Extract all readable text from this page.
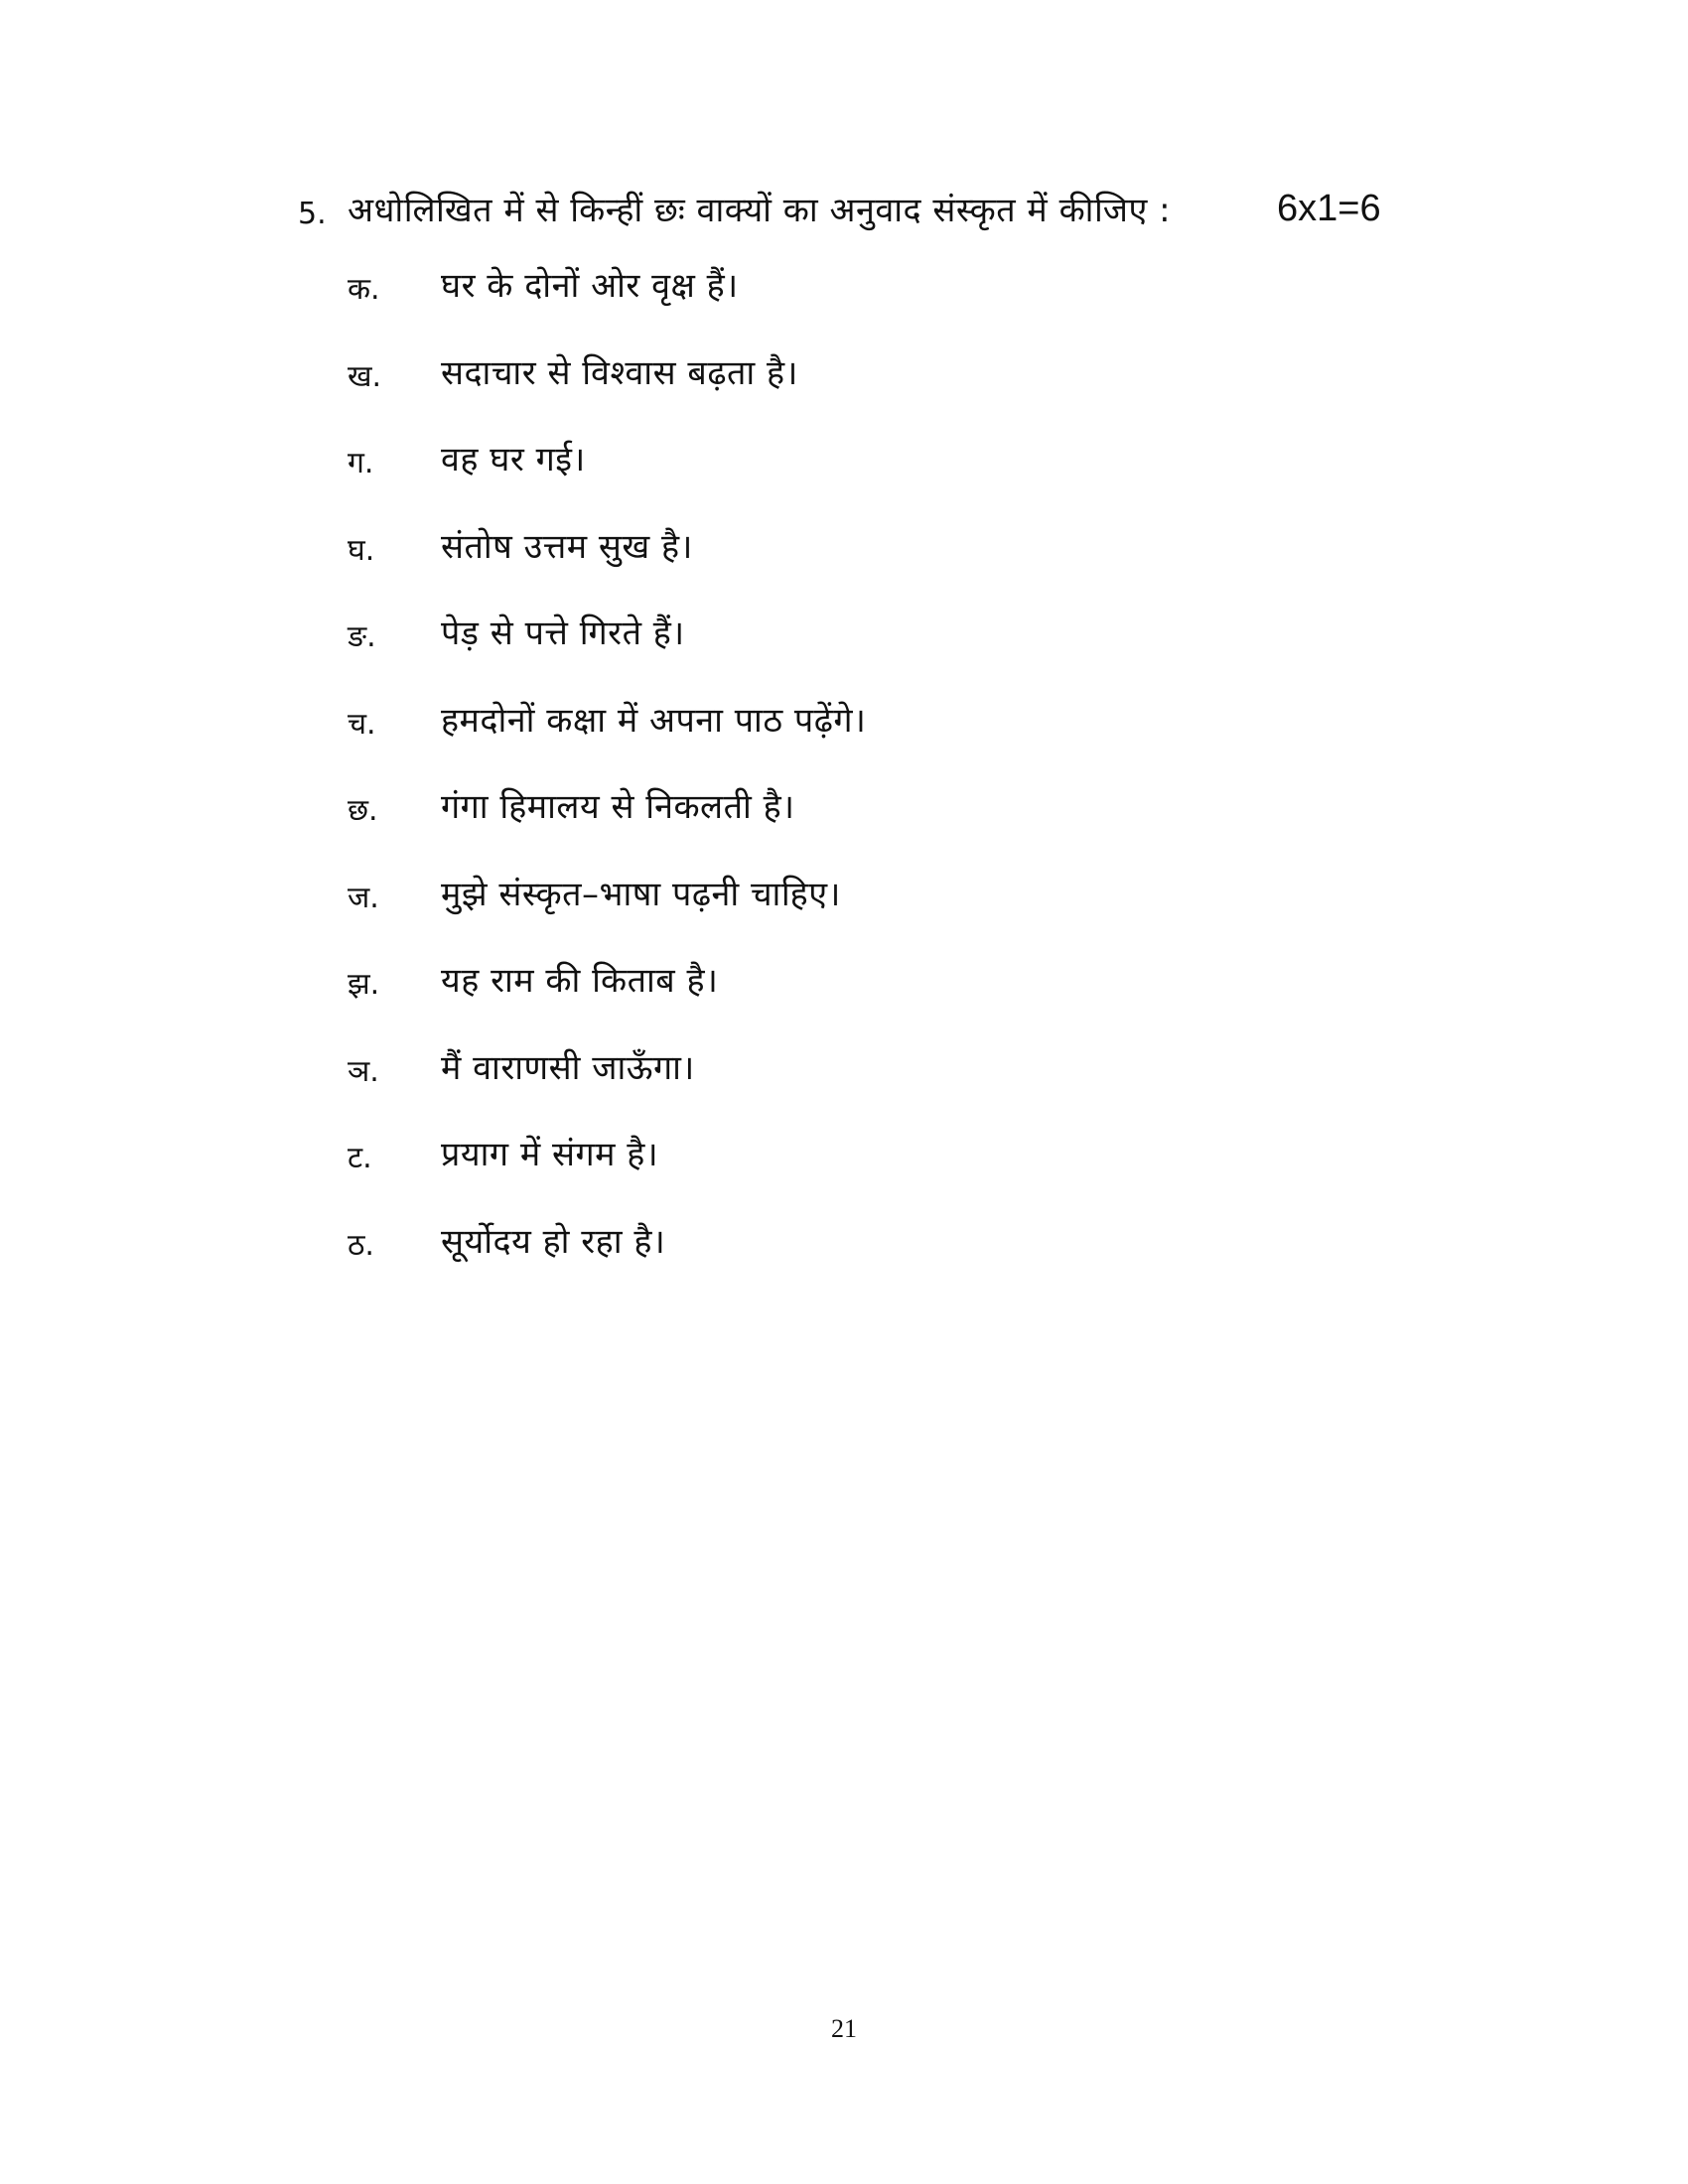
5. अधोलिखित में से किन्हीं छः वाक्यों का अनुवाद संस्कृत में कीजिए :	6x1=6
क. घर के दोनों ओर वृक्ष हैं।
ख. सदाचार से विश्वास बढ़ता है।
ग. वह घर गई।
घ. संतोष उत्तम सुख है।
ङ. पेड़ से पत्ते गिरते हैं।
च. हमदोनों कक्षा में अपना पाठ पढ़ेंगे।
छ. गंगा हिमालय से निकलती है।
ज. मुझे संस्कृत–भाषा पढ़नी चाहिए।
झ. यह राम की किताब है।
ञ. मैं वाराणसी जाऊँगा।
ट. प्रयाग में संगम है।
ठ. सूर्योदय हो रहा है।
21
